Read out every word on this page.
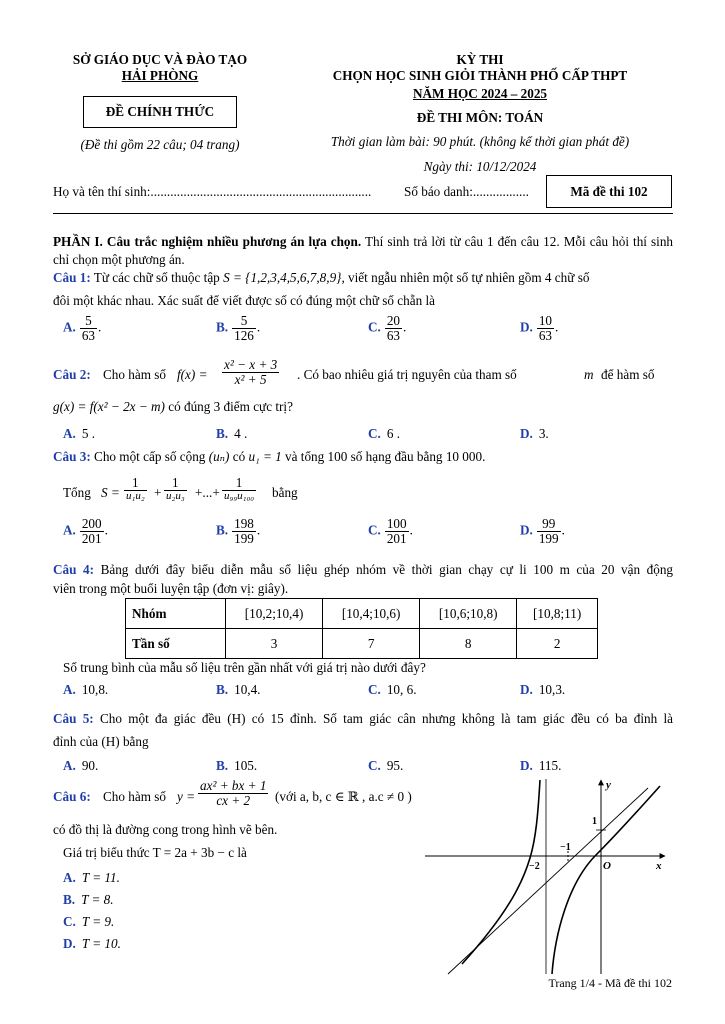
SỞ GIÁO DỤC VÀ ĐÀO TẠO
HẢI PHÒNG
ĐỀ CHÍNH THỨC
(Đề thi gồm 22 câu; 04 trang)
KỲ THI
CHỌN HỌC SINH GIỎI THÀNH PHỐ CẤP THPT
NĂM HỌC 2024 – 2025
ĐỀ THI MÔN: TOÁN
Thời gian làm bài: 90 phút. (không kể thời gian phát đề)
Ngày thi: 10/12/2024
Họ và tên thí sinh:................................................................... Số báo danh:.................	Mã đề thi 102
PHẦN I. Câu trắc nghiệm nhiều phương án lựa chọn. Thí sinh trả lời từ câu 1 đến câu 12. Mỗi câu hỏi thí sinh chỉ chọn một phương án.
Câu 1: Từ các chữ số thuộc tập S = {1,2,3,4,5,6,7,8,9}, viết ngẫu nhiên một số tự nhiên gồm 4 chữ số
đôi một khác nhau. Xác suất để viết được số có đúng một chữ số chẵn là
A. $\frac{5}{63}$ .	B. $\frac{5}{126}$ .	C. $\frac{20}{63}$ .	D. $\frac{10}{63}$ .
Câu 2: Cho hàm số $f(x) = \frac{\text{x² − x + 3}}{\text{x² + 5}}$ . Có bao nhiêu giá trị nguyên của tham số	m để hàm số
g(x) = f(x² − 2x − m) có đúng 3 điểm cực trị?
A. 5 .	B. 4 .	C. 6 .	D. 3.
Câu 3: Cho một cấp số cộng (uₙ) có u₁ = 1 và tổng 100 số hạng đầu bằng 10 000.
Tổng S =
1
u₁u₂ +
1
u₂u₃ +...+
1
u₉₉u₁₀₀ bằng
A. $\frac{200}{201}$ .	B. $\frac{198}{199}$ .	C. $\frac{100}{201}$ .	D. $\frac{99}{199}$ .
Câu 4: Bảng dưới đây biểu diễn mẫu số liệu ghép nhóm về thời gian chạy cự li 100 m của 20 vận động
viên trong một buổi luyện tập (đơn vị: giây).
Nhóm	[10,2;10,4)	[10,4;10,6)	[10,6;10,8)	[10,8;11)
Tần số	3	7	8	2
Số trung bình của mẫu số liệu trên gần nhất với giá trị nào dưới đây?
A. 10,8.	B. 10,4.	C. 10, 6.	D. 10,3.
Câu 5: Cho một đa giác đều (H) có 15 đỉnh. Số tam giác cân nhưng không là tam giác đều có ba đỉnh là
đỉnh của (H) bằng
A. 90.	B. 105.	C. 95.	D. 115.
Câu 6: Cho hàm số $y = \frac{\text{ax² + bx + 1}}{cx + 2}$ (với a, b, c ∈ ℝ , a.c ≠ 0 )
có đồ thị là đường cong trong hình vẽ bên.
Giá trị biểu thức T = 2a + 3b − c là
A. T = 11.
B. T = 8.
C. T = 9.
D. T = 10.
y
x
O
−2
−1
1
Trang 1/4 - Mã đề thi 102
